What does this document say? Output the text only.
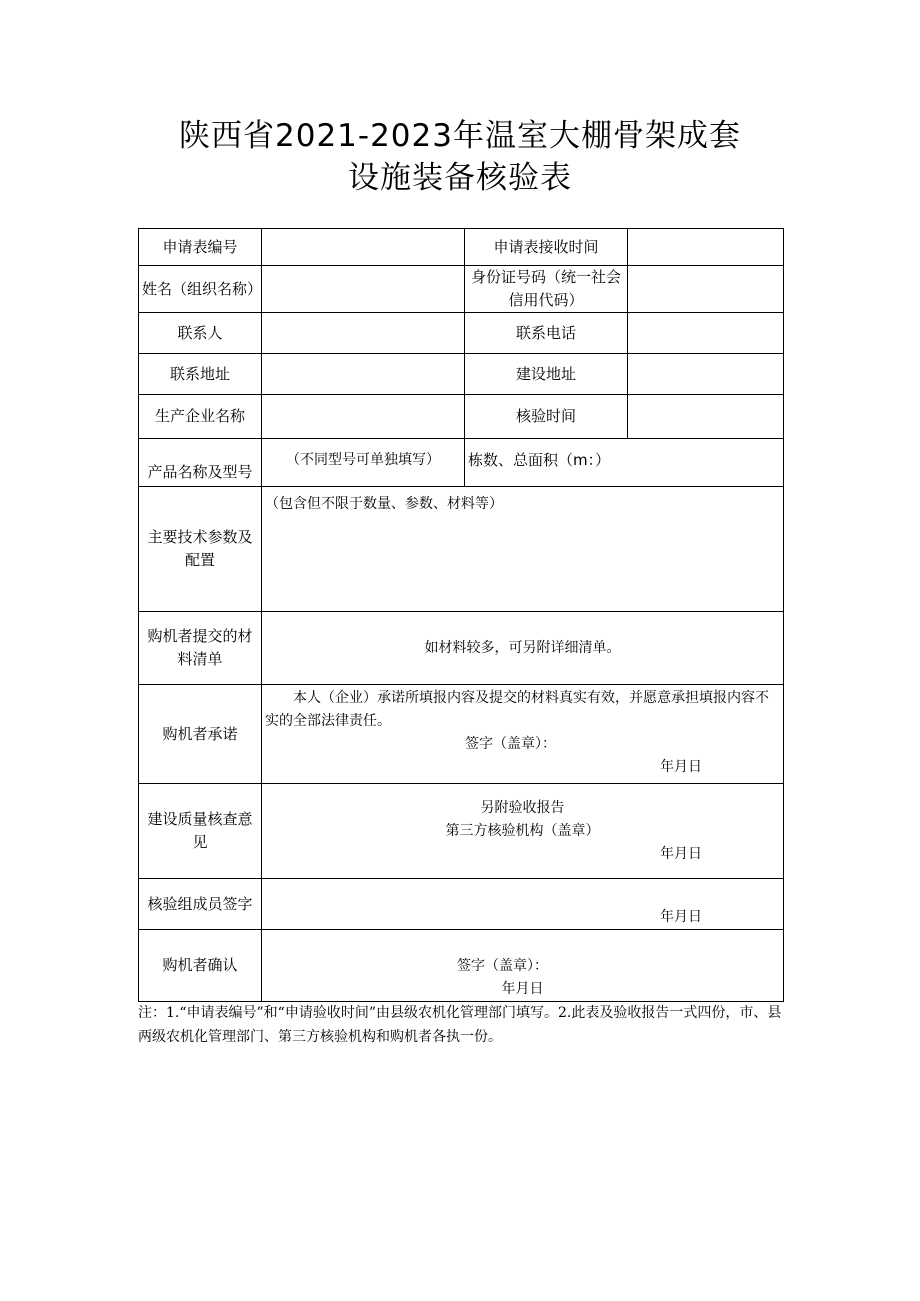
陕西省2021-2023年温室大棚骨架成套
设施装备核验表
申请表编号		申请表接收时间	
姓名（组织名称）		身份证号码（统一社会信用代码）	
联系人		联系电话	
联系地址		建设地址	
生产企业名称		核验时间	
产品名称及型号	（不同型号可单独填写）	栋数、总面积（m：）	
主要技术参数及配置	（包含但不限于数量、参数、材料等）		
购机者提交的材料清单	如材料较多，可另附详细清单。		
购机者承诺	本人（企业）承诺所填报内容及提交的材料真实有效，并愿意承担填报内容不实的全部法律责任。
签字（盖章）：
年月日		

建设质量核查意见	另附验收报告
第三方核验机构（盖章）
年月日		

核验组成员签字	年月日		

购机者确认	签字（盖章）：
年月日		
注：1.“申请表编号”和“申请验收时间”由县级农机化管理部门填写。2.此表及验收报告一式四份，市、县两级农机化管理部门、第三方核验机构和购机者各执一份。
